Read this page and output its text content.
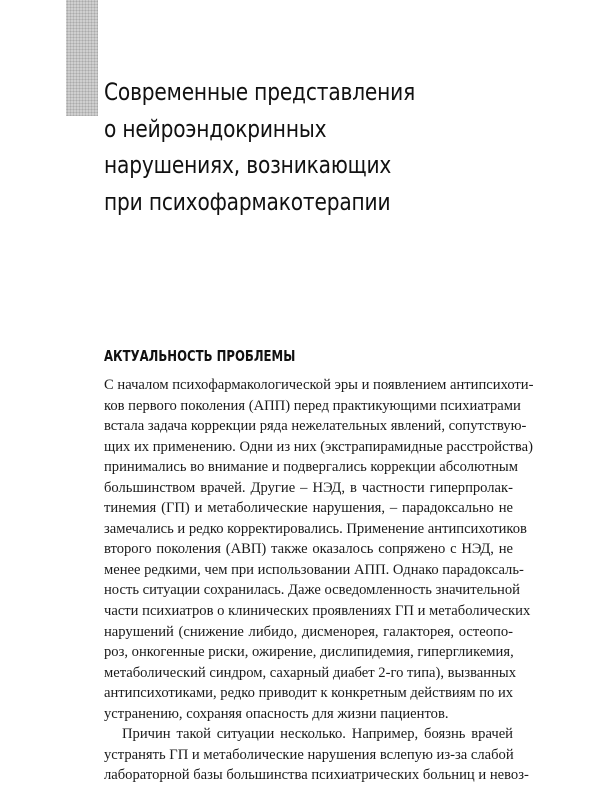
Современные представления
о нейроэндокринных
нарушениях, возникающих
при психофармакотерапии
АКТУАЛЬНОСТЬ ПРОБЛЕМЫ

С началом психофармакологической эры и появлением антипсихоти-
ков первого поколения (АПП) перед практикующими психиатрами
встала задача коррекции ряда нежелательных явлений, сопутствую-
щих их применению. Одни из них (экстрапирамидные расстройства)
принимались во внимание и подвергались коррекции абсолютным
большинством врачей. Другие – НЭД, в частности гиперпролак-
тинемия (ГП) и метаболические нарушения, – парадоксально не
замечались и редко корректировались. Применение антипсихотиков
второго поколения (АВП) также оказалось сопряжено с НЭД, не
менее редкими, чем при использовании АПП. Однако парадоксаль-
ность ситуации сохранилась. Даже осведомленность значительной
части психиатров о клинических проявлениях ГП и метаболических
нарушений (снижение либидо, дисменорея, галакторея, остеопо-
роз, онкогенные риски, ожирение, дислипидемия, гипергликемия,
метаболический синдром, сахарный диабет 2-го типа), вызванных
антипсихотиками, редко приводит к конкретным действиям по их
устранению, сохраняя опасность для жизни пациентов.

Причин такой ситуации несколько. Например, боязнь врачей
устранять ГП и метаболические нарушения вслепую из-за слабой
лабораторной базы большинства психиатрических больниц и невоз-
